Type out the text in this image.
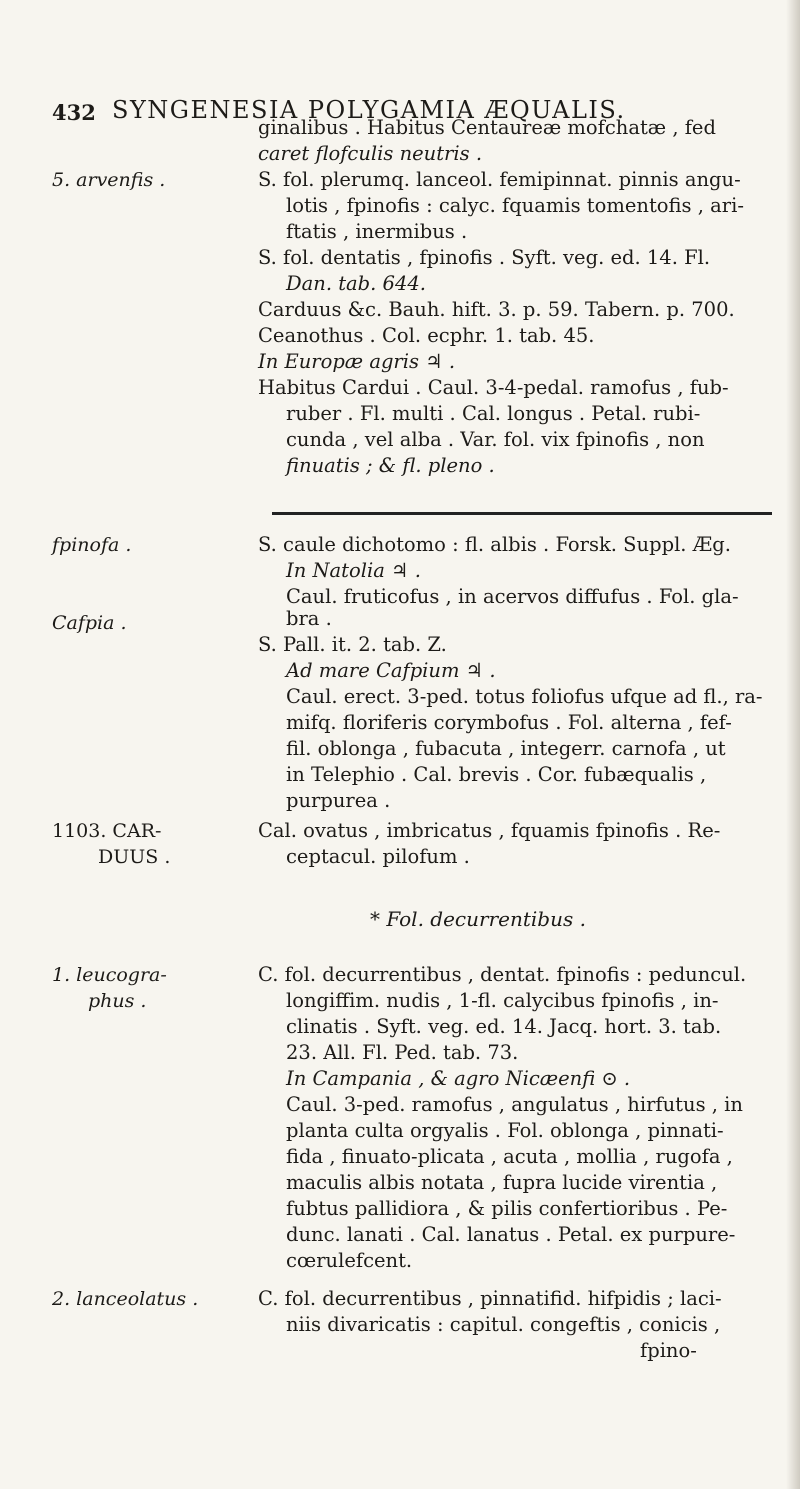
432 SYNGENESIA POLYGAMIA ÆQUALIS.
5. arvenfis .
fpinofa .
Cafpia .
1103. CAR-
DUUS .
1. leucogra-
phus .
2. lanceolatus .
ginalibus . Habitus Centaureæ mofchatæ , fed
caret flofculis neutris .
S. fol. plerumq. lanceol. femipinnat. pinnis angu-
lotis , fpinofis : calyc. fquamis tomentofis , ari-
ftatis , inermibus .
S. fol. dentatis , fpinofis . Syft. veg. ed. 14. Fl.
Dan. tab. 644.
Carduus &c. Bauh. hift. 3. p. 59. Tabern. p. 700.
Ceanothus . Col. ecphr. 1. tab. 45.
In Europæ agris ♃ .
Habitus Cardui . Caul. 3-4-pedal. ramofus , fub-
ruber . Fl. multi . Cal. longus . Petal. rubi-
cunda , vel alba . Var. fol. vix fpinofis , non
finuatis ; & fl. pleno .
S. caule dichotomo : fl. albis . Forsk. Suppl. Æg.
In Natolia ♃ .
Caul. fruticofus , in acervos diffufus . Fol. gla-
bra .
S. Pall. it. 2. tab. Z.
Ad mare Cafpium ♃ .
Caul. erect. 3-ped. totus foliofus ufque ad fl., ra-
mifq. floriferis corymbofus . Fol. alterna , fef-
fil. oblonga , fubacuta , integerr. carnofa , ut
in Telephio . Cal. brevis . Cor. fubæqualis ,
purpurea .
Cal. ovatus , imbricatus , fquamis fpinofis . Re-
ceptacul. pilofum .
* Fol. decurrentibus .
C. fol. decurrentibus , dentat. fpinofis : peduncul.
longiffim. nudis , 1-fl. calycibus fpinofis , in-
clinatis . Syft. veg. ed. 14. Jacq. hort. 3. tab.
23. All. Fl. Ped. tab. 73.
In Campania , & agro Nicæenfi ⊙ .
Caul. 3-ped. ramofus , angulatus , hirfutus , in
planta culta orgyalis . Fol. oblonga , pinnati-
fida , finuato-plicata , acuta , mollia , rugofa ,
maculis albis notata , fupra lucide virentia ,
fubtus pallidiora , & pilis confertioribus . Pe-
dunc. lanati . Cal. lanatus . Petal. ex purpure-
cœrulefcent.
C. fol. decurrentibus , pinnatifid. hifpidis ; laci-
niis divaricatis : capitul. congeftis , conicis ,
fpino-
